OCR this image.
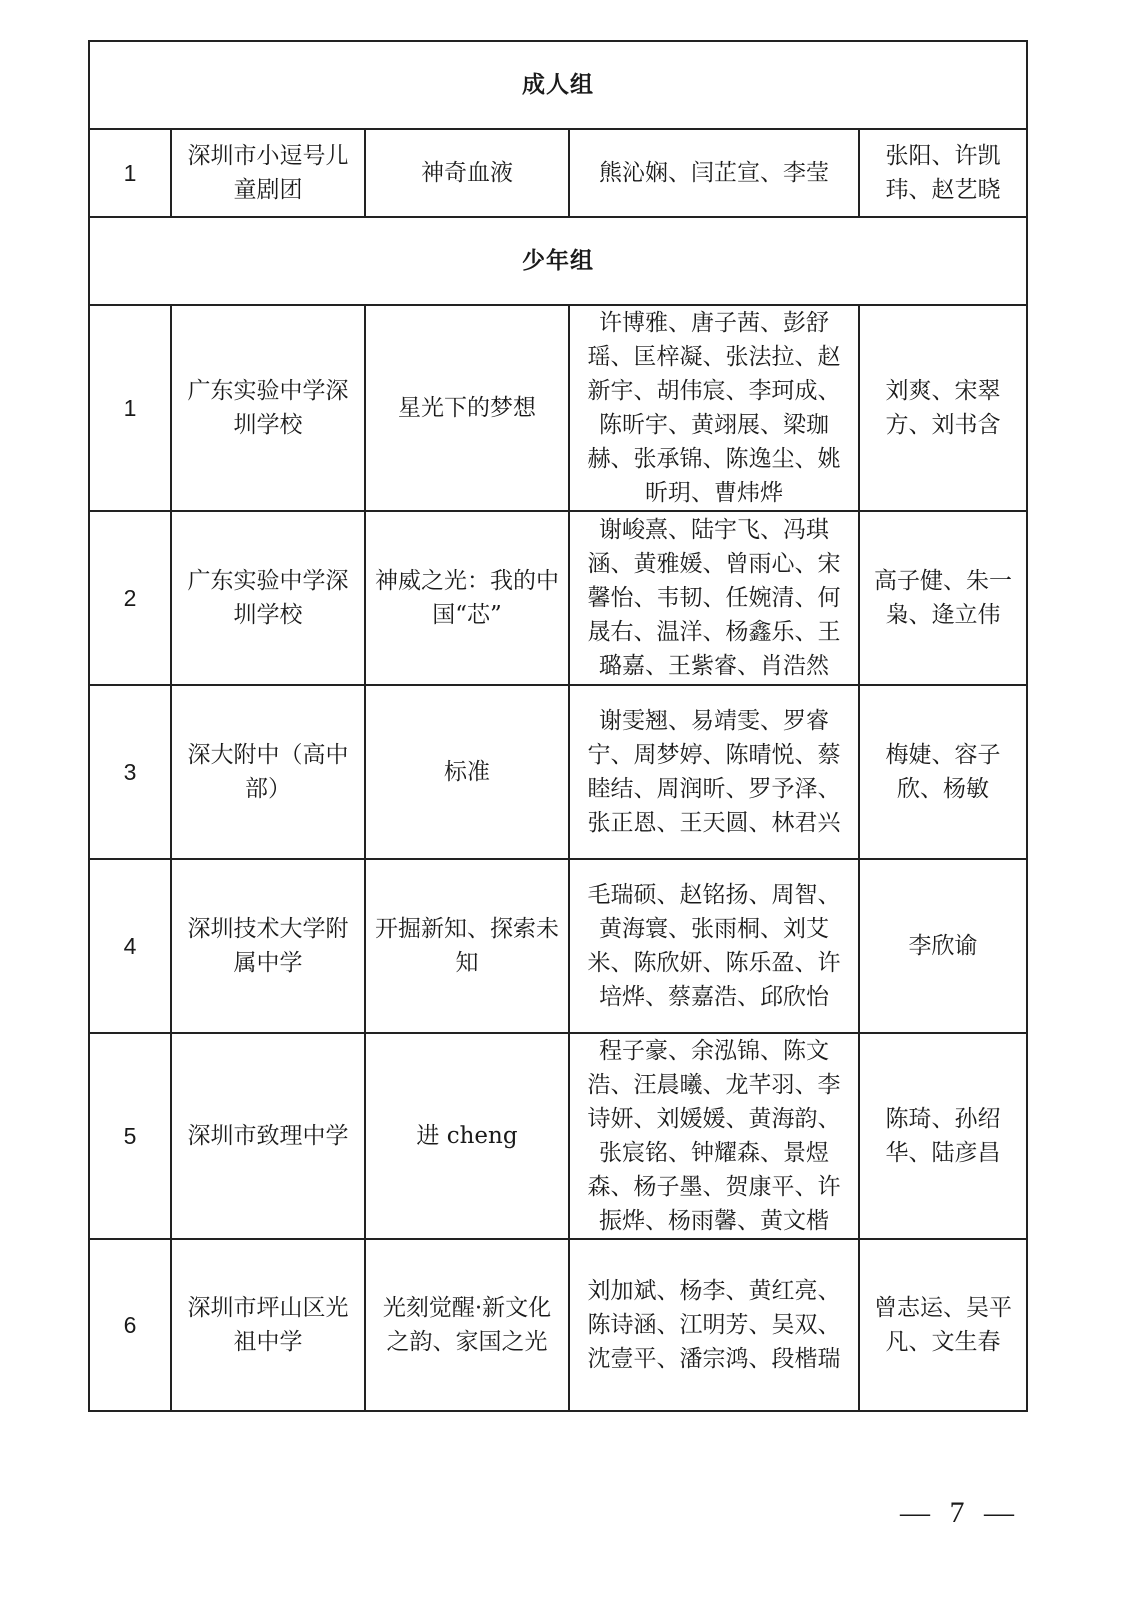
成人组				
1	深圳市小逗号儿童剧团	神奇血液	熊沁娴、闫芷宣、李莹	张阳、许凯玮、赵艺晓
少年组				
1	广东实验中学深圳学校	星光下的梦想	许博雅、唐子茜、彭舒瑶、匡梓凝、张法拉、赵新宇、胡伟宸、李珂成、陈昕宇、黄翊展、梁珈赫、张承锦、陈逸尘、姚昕玥、曹炜烨	刘爽、宋翠方、刘书含
2	广东实验中学深圳学校	神威之光：我的中国“芯”	谢峻熹、陆宇飞、冯琪涵、黄雅媛、曾雨心、宋馨怡、韦韧、任婉清、何晟右、温洋、杨鑫乐、王璐嘉、王紫睿、肖浩然	高子健、朱一枭、逄立伟
3	深大附中（高中部）	标准	谢雯翘、易靖雯、罗睿宁、周梦婷、陈晴悦、蔡睦结、周润昕、罗予泽、张正恩、王天圆、林君兴	梅婕、容子欣、杨敏
4	深圳技术大学附属中学	开掘新知、探索未知	毛瑞硕、赵铭扬、周智、黄海寰、张雨桐、刘艾米、陈欣妍、陈乐盈、许培烨、蔡嘉浩、邱欣怡	李欣谕
5	深圳市致理中学	进 cheng	程子豪、余泓锦、陈文浩、汪晨曦、龙芊羽、李诗妍、刘媛媛、黄海韵、张宸铭、钟耀森、景煜森、杨子墨、贺康平、许振烨、杨雨馨、黄文楷	陈琦、孙绍华、陆彦昌
6	深圳市坪山区光祖中学	光刻觉醒·新文化之韵、家国之光	刘加斌、杨李、黄红亮、陈诗涵、江明芳、吴双、沈壹平、潘宗鸿、段楷瑞	曾志运、吴平凡、文生春
— 7 —
